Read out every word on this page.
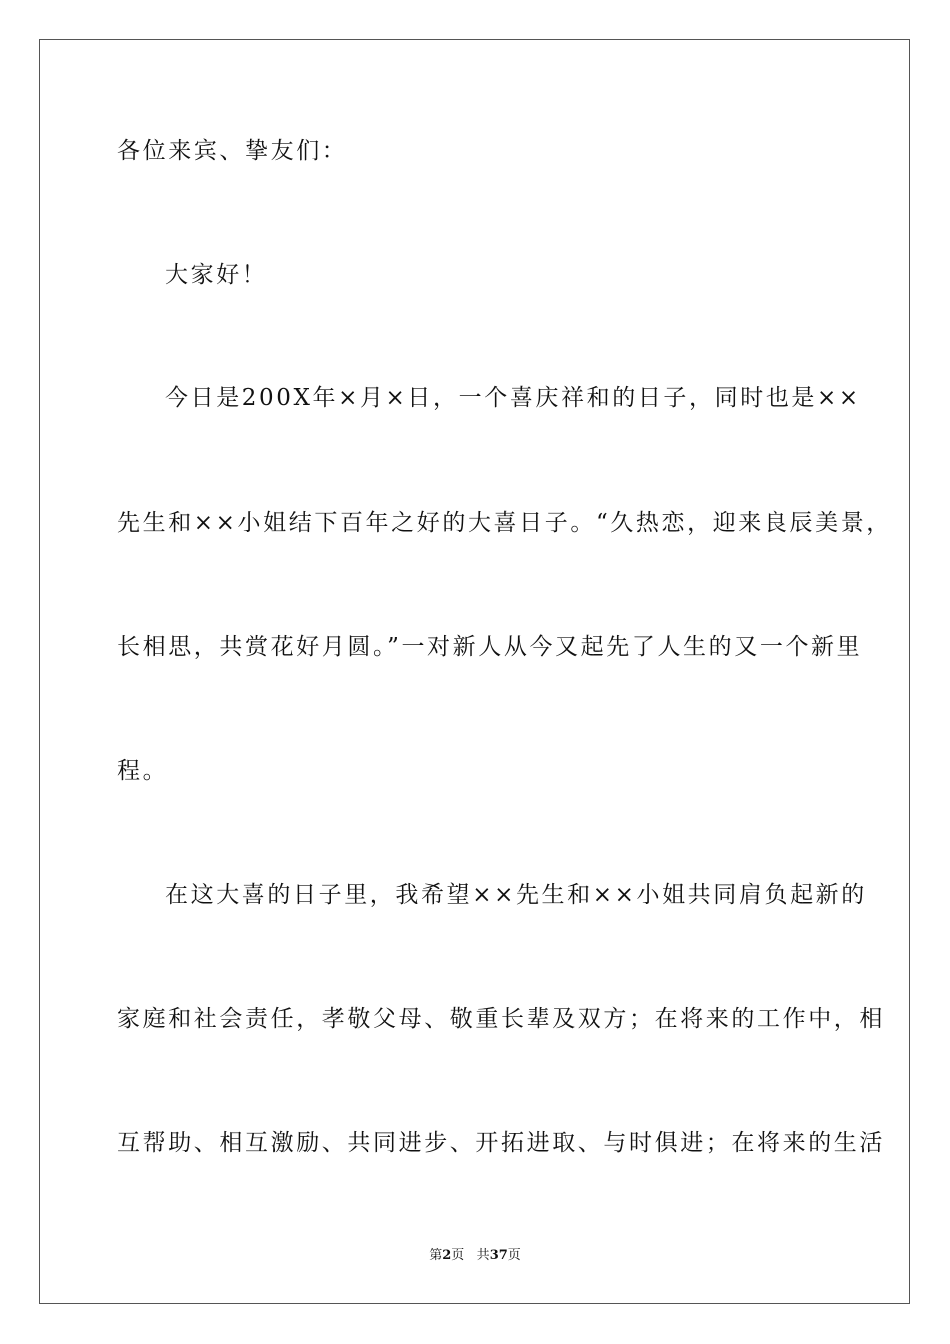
各位来宾、挚友们：
大家好！
今日是200X年×月×日，一个喜庆祥和的日子，同时也是××
先生和××小姐结下百年之好的大喜日子。“久热恋，迎来良辰美景，
长相思，共赏花好月圆。”一对新人从今又起先了人生的又一个新里
程。
在这大喜的日子里，我希望××先生和××小姐共同肩负起新的
家庭和社会责任，孝敬父母、敬重长辈及双方；在将来的工作中，相
互帮助、相互激励、共同进步、开拓进取、与时俱进；在将来的生活
第2页 共37页
